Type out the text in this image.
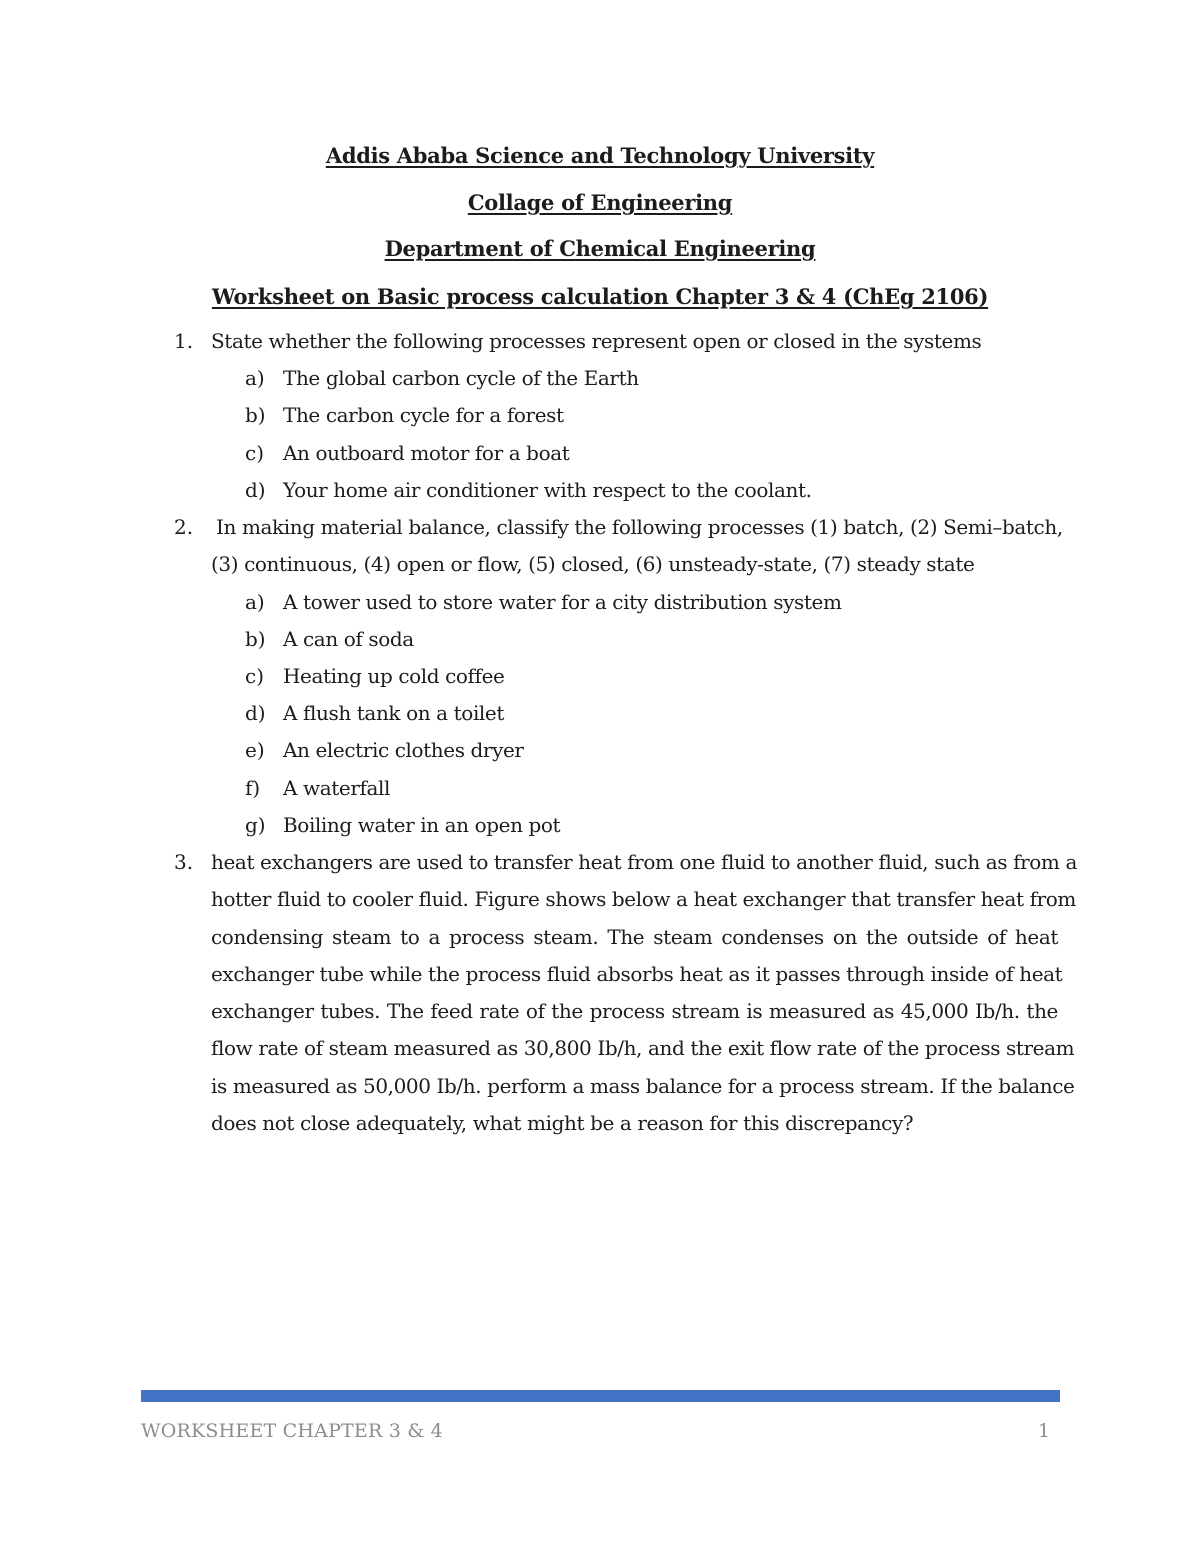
Addis Ababa Science and Technology University
Collage of Engineering
Department of Chemical Engineering
Worksheet on Basic process calculation Chapter 3 & 4 (ChEg 2106)
1. State whether the following processes represent open or closed in the systems
a) The global carbon cycle of the Earth
b) The carbon cycle for a forest
c) An outboard motor for a boat
d) Your home air conditioner with respect to the coolant.
2. In making material balance, classify the following processes (1) batch, (2) Semi–batch,
(3) continuous, (4) open or flow, (5) closed, (6) unsteady-state, (7) steady state
a) A tower used to store water for a city distribution system
b) A can of soda
c) Heating up cold coffee
d) A flush tank on a toilet
e) An electric clothes dryer
f) A waterfall
g) Boiling water in an open pot
3. heat exchangers are used to transfer heat from one fluid to another fluid, such as from a
hotter fluid to cooler fluid. Figure shows below a heat exchanger that transfer heat from
condensing steam to a process steam. The steam condenses on the outside of heat
exchanger tube while the process fluid absorbs heat as it passes through inside of heat
exchanger tubes. The feed rate of the process stream is measured as 45,000 Ib/h. the
flow rate of steam measured as 30,800 Ib/h, and the exit flow rate of the process stream
is measured as 50,000 Ib/h. perform a mass balance for a process stream. If the balance
does not close adequately, what might be a reason for this discrepancy?
WORKSHEET CHAPTER 3 & 4	1
